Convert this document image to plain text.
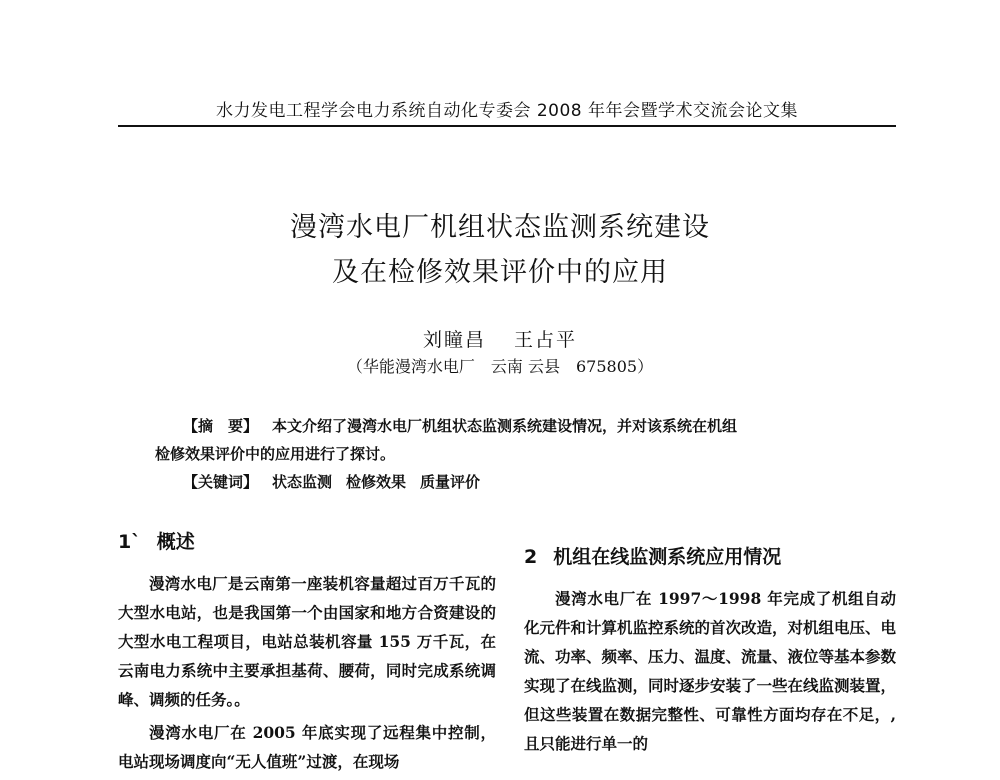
水力发电工程学会电力系统自动化专委会 2008 年年会暨学术交流会论文集
漫湾水电厂机组状态监测系统建设
及在检修效果评价中的应用
刘瞳昌 王占平
（华能漫湾水电厂　云南 云县　675805）
【摘　要】 本文介绍了漫湾水电厂机组状态监测系统建设情况，并对该系统在机组
检修效果评价中的应用进行了探讨。
【关键词】 状态监测 检修效果 质量评价
1` 概述

漫湾水电厂是云南第一座装机容量超过百万千瓦的大型水电站，也是我国第一个由国家和地方合资建设的大型水电工程项目，电站总装机容量 155 万千瓦，在云南电力系统中主要承担基荷、腰荷，同时完成系统调峰、调频的任务。。

漫湾水电厂在 2005 年底实现了远程集中控制，电站现场调度向“无人值班”过渡，在现场

2 机组在线监测系统应用情况

漫湾水电厂在 1997～1998 年完成了机组自动化元件和计算机监控系统的首次改造，对机组电压、电流、功率、频率、压力、温度、流量、液位等基本参数实现了在线监测，同时逐步安装了一些在线监测装置，但这些装置在数据完整性、可靠性方面均存在不足，, 且只能进行单一的
